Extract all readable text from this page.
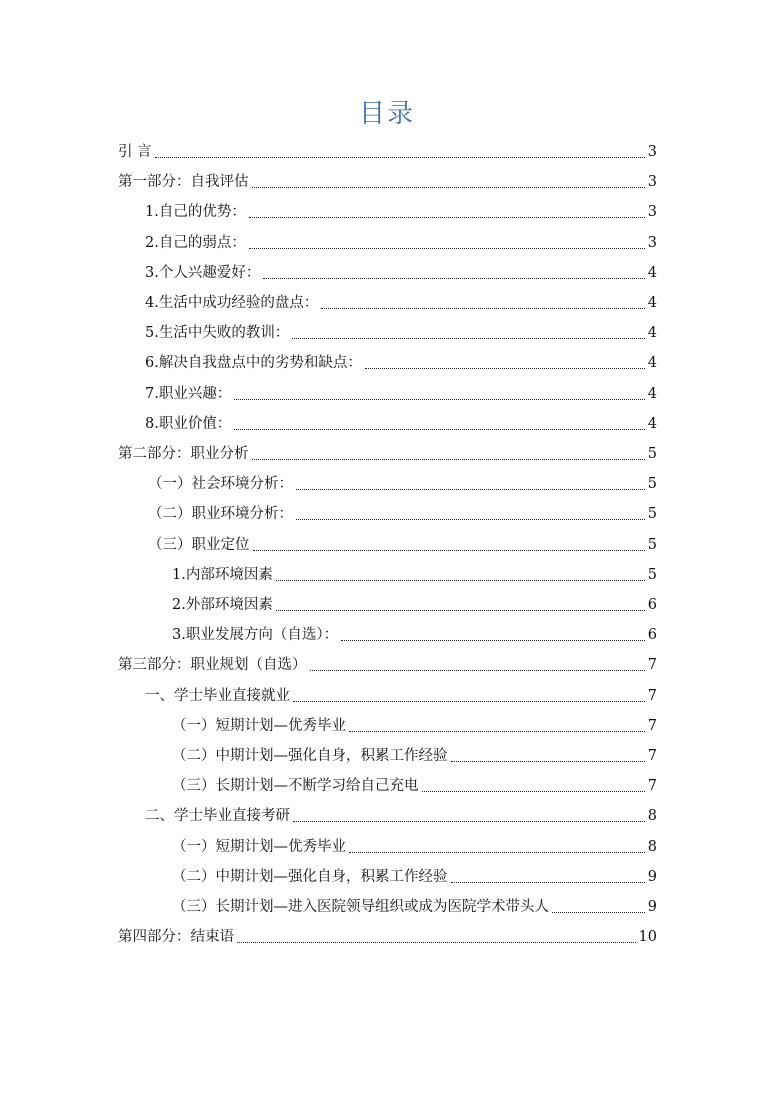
目录
引 言	3
第一部分：自我评估	3
1.自己的优势：	3
2.自己的弱点：	3
3.个人兴趣爱好：	4
4.生活中成功经验的盘点：	4
5.生活中失败的教训：	4
6.解决自我盘点中的劣势和缺点：	4
7.职业兴趣：	4
8.职业价值：	4
第二部分：职业分析	5
（一）社会环境分析：	5
（二）职业环境分析：	5
（三）职业定位	5
1.内部环境因素	5
2.外部环境因素	6
3.职业发展方向（自选）：	6
第三部分：职业规划（自选）	7
一、学士毕业直接就业	7
（一）短期计划—优秀毕业	7
（二）中期计划—强化自身，积累工作经验	7
（三）长期计划—不断学习给自己充电	7
二、学士毕业直接考研	8
（一）短期计划—优秀毕业	8
（二）中期计划—强化自身，积累工作经验	9
（三）长期计划—进入医院领导组织或成为医院学术带头人	9
第四部分：结束语	10
